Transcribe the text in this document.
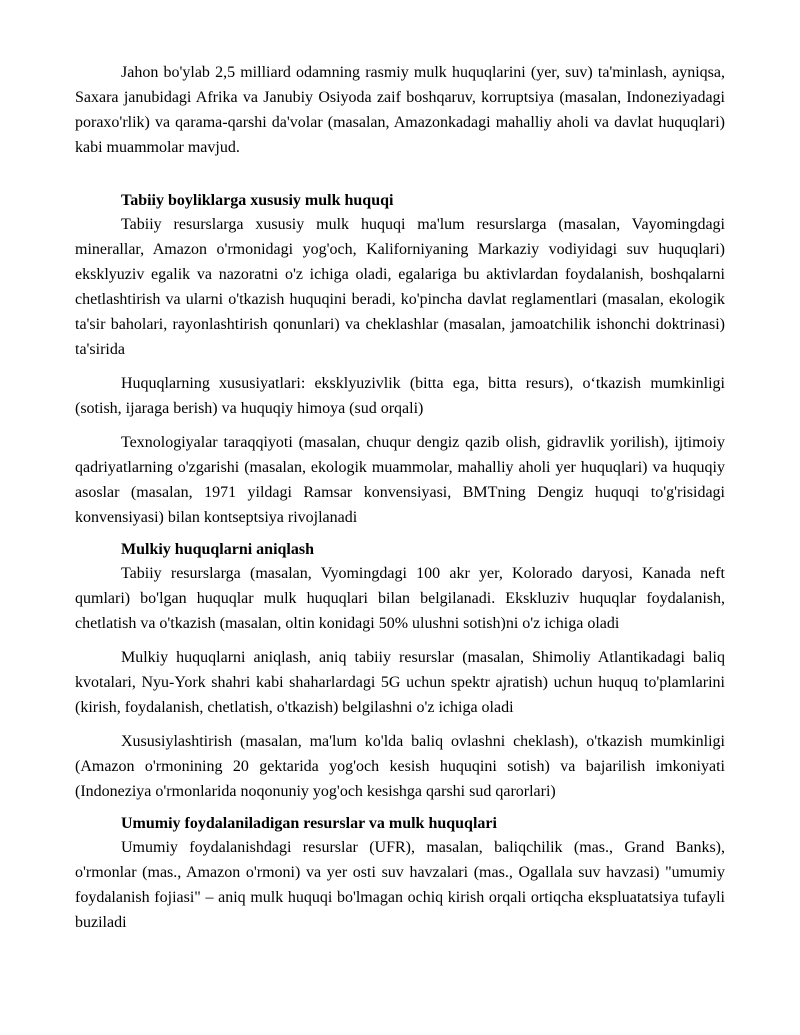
Jahon bo'ylab 2,5 milliard odamning rasmiy mulk huquqlarini (yer, suv) ta'minlash, ayniqsa, Saxara janubidagi Afrika va Janubiy Osiyoda zaif boshqaruv, korruptsiya (masalan, Indoneziyadagi poraxo'rlik) va qarama-qarshi da'volar (masalan, Amazonkadagi mahalliy aholi va davlat huquqlari) kabi muammolar mavjud.

Tabiiy boyliklarga xususiy mulk huquqi

Tabiiy resurslarga xususiy mulk huquqi ma'lum resurslarga (masalan, Vayomingdagi minerallar, Amazon o'rmonidagi yog'och, Kaliforniyaning Markaziy vodiyidagi suv huquqlari) eksklyuziv egalik va nazoratni o'z ichiga oladi, egalariga bu aktivlardan foydalanish, boshqalarni chetlashtirish va ularni o'tkazish huquqini beradi, ko'pincha davlat reglamentlari (masalan, ekologik ta'sir baholari, rayonlashtirish qonunlari) va cheklashlar (masalan, jamoatchilik ishonchi doktrinasi) ta'sirida

Huquqlarning xususiyatlari: eksklyuzivlik (bitta ega, bitta resurs), o‘tkazish mumkinligi (sotish, ijaraga berish) va huquqiy himoya (sud orqali)

Texnologiyalar taraqqiyoti (masalan, chuqur dengiz qazib olish, gidravlik yorilish), ijtimoiy qadriyatlarning o'zgarishi (masalan, ekologik muammolar, mahalliy aholi yer huquqlari) va huquqiy asoslar (masalan, 1971 yildagi Ramsar konvensiyasi, BMTning Dengiz huquqi to'g'risidagi konvensiyasi) bilan kontseptsiya rivojlanadi

Mulkiy huquqlarni aniqlash

Tabiiy resurslarga (masalan, Vyomingdagi 100 akr yer, Kolorado daryosi, Kanada neft qumlari) bo'lgan huquqlar mulk huquqlari bilan belgilanadi. Ekskluziv huquqlar foydalanish, chetlatish va o'tkazish (masalan, oltin konidagi 50% ulushni sotish)ni o'z ichiga oladi

Mulkiy huquqlarni aniqlash, aniq tabiiy resurslar (masalan, Shimoliy Atlantikadagi baliq kvotalari, Nyu-York shahri kabi shaharlardagi 5G uchun spektr ajratish) uchun huquq to'plamlarini (kirish, foydalanish, chetlatish, o'tkazish) belgilashni o'z ichiga oladi

Xususiylashtirish (masalan, ma'lum ko'lda baliq ovlashni cheklash), o'tkazish mumkinligi (Amazon o'rmonining 20 gektarida yog'och kesish huquqini sotish) va bajarilish imkoniyati (Indoneziya o'rmonlarida noqonuniy yog'och kesishga qarshi sud qarorlari)

Umumiy foydalaniladigan resurslar va mulk huquqlari

Umumiy foydalanishdagi resurslar (UFR), masalan, baliqchilik (mas., Grand Banks), o'rmonlar (mas., Amazon o'rmoni) va yer osti suv havzalari (mas., Ogallala suv havzasi) "umumiy foydalanish fojiasi" – aniq mulk huquqi bo'lmagan ochiq kirish orqali ortiqcha ekspluatatsiya tufayli buziladi
